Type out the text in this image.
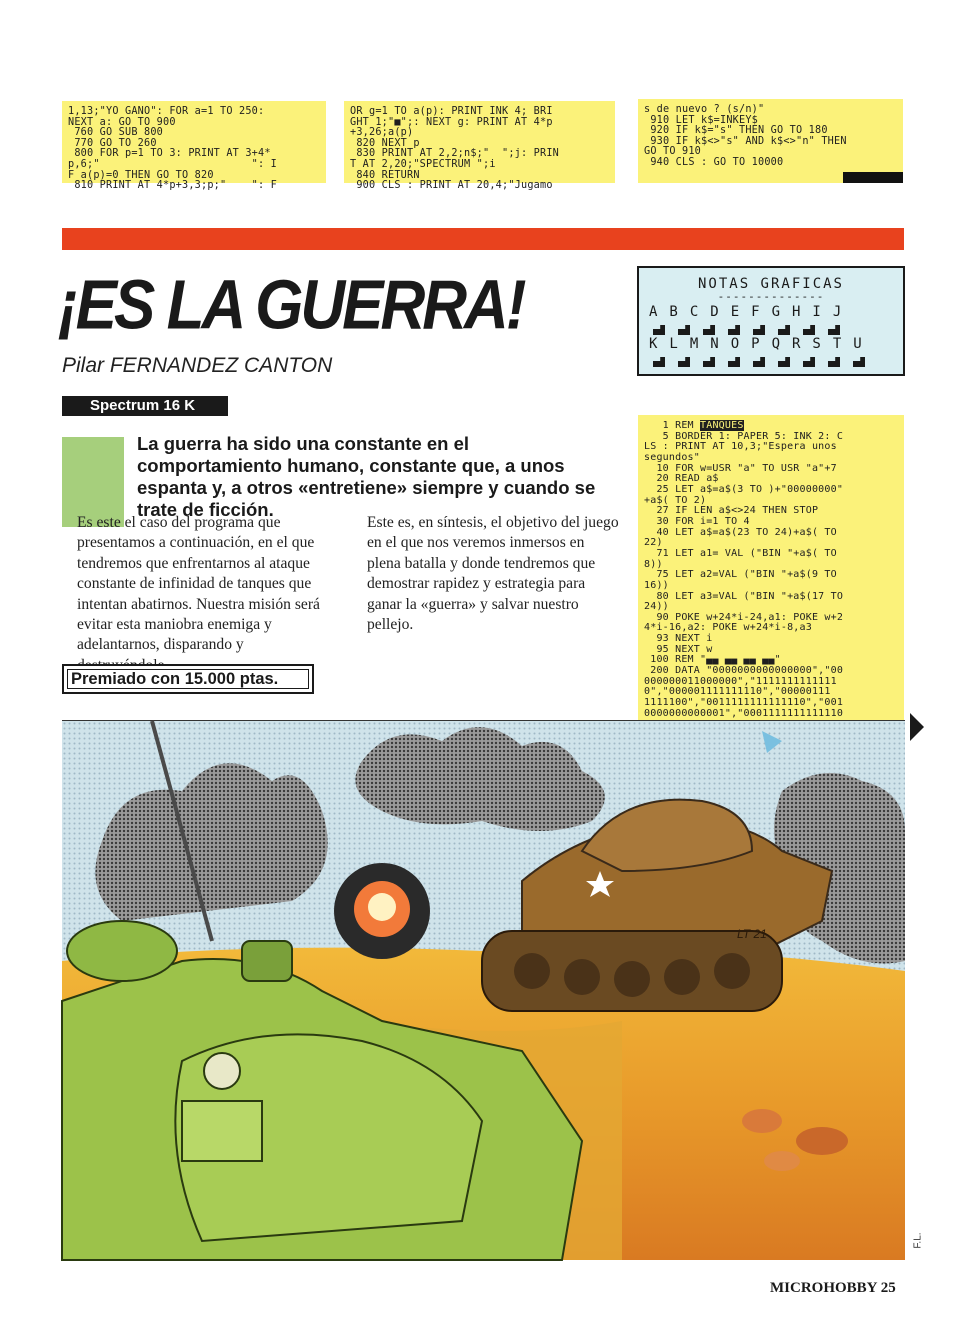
1,13;"YO GANO": FOR a=1 TO 250:
NEXT a: GO TO 900
760 GO SUB 800
770 GO TO 260
800 FOR p=1 TO 3: PRINT AT 3+4*
p,6;"                        ": I
F a(p)=0 THEN GO TO 820
810 PRINT AT 4*p+3,3;p;"    ": F
OR g=1 TO a(p): PRINT INK 4; BRI
GHT 1;"■";: NEXT g: PRINT AT 4*p
+3,26;a(p)
820 NEXT p
830 PRINT AT 2,2;n$;"  ";j: PRIN
T AT 2,20;"SPECTRUM ";i
840 RETURN
900 CLS : PRINT AT 20,4;"Jugamo
s de nuevo ? (s/n)"
910 LET k$=INKEY$
920 IF k$="s" THEN GO TO 180
930 IF k$<>"s" AND k$<>"n" THEN
GO TO 910
940 CLS : GO TO 10000
¡ES LA GUERRA!
Pilar FERNANDEZ CANTON
Spectrum 16 K

La guerra ha sido una constante en el comportamiento humano, constante que, a unos espanta y, a otros «entretiene» siempre y cuando se trate de ficción.

Es este el caso del programa que presentamos a continuación, en el que tendremos que enfrentarnos al ataque constante de infinidad de tanques que intentan abatirnos. Nuestra misión será evitar esta maniobra enemiga y adelantarnos, disparando y

Este es, en síntesis, el objetivo del juego en el que nos veremos inmersos en plena batalla y donde tendremos que demostrar rapidez y estrategia para ganar la «guerra» y salvar nuestro pellejo.

Premiado con 15.000 ptas.
NOTAS GRAFICAS
--------------
ABCDEFGHIJ
KLMNOPQRSTU
1 REM TANQUES
5 BORDER 1: PAPER 5: INK 2: C
LS : PRINT AT 10,3;"Espera unos
segundos"
10 FOR w=USR "a" TO USR "a"+7
20 READ a$
25 LET a$=a$(3 TO )+"00000000"
+a$( TO 2)
27 IF LEN a$<>24 THEN STOP
30 FOR i=1 TO 4
40 LET a$=a$(23 TO 24)+a$( TO
22)
71 LET a1= VAL ("BIN "+a$( TO
8))
75 LET a2=VAL ("BIN "+a$(9 TO
16))
80 LET a3=VAL ("BIN "+a$(17 TO
24))
90 POKE w+24*i-24,a1: POKE w+2
4*i-16,a2: POKE w+24*i-8,a3
93 NEXT i
95 NEXT w
100 REM "▄▄ ▄▄ ▄▄ ▄▄"
200 DATA "0000000000000000","00
000000011000000","1111111111111
0","000001111111110","00000111
1111100","0011111111111110","001
0000000000001","0001111111111110

LT 21
F.L.
MICROHOBBY 25
